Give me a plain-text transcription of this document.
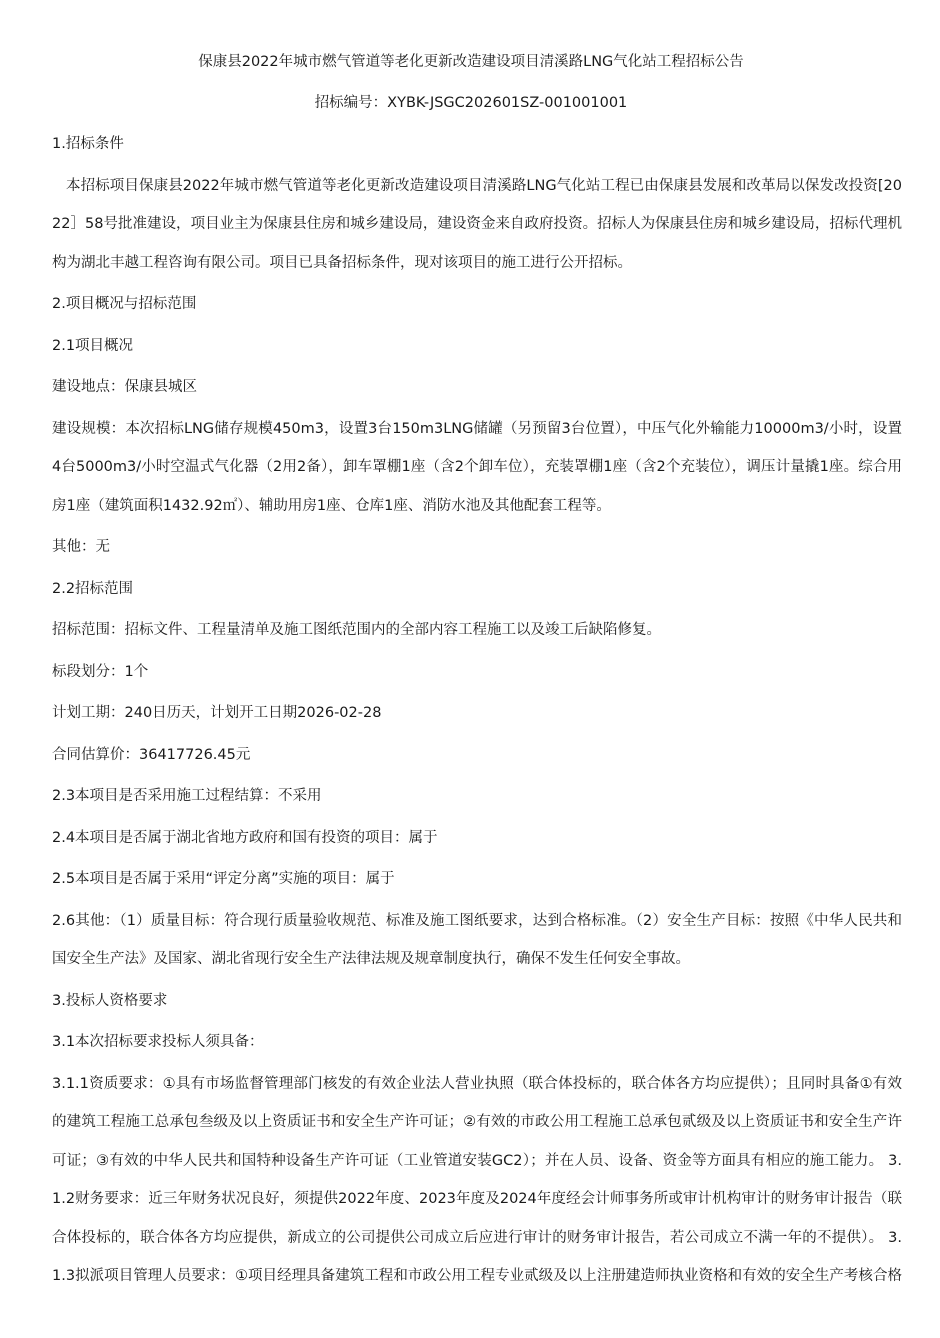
保康县2022年城市燃气管道等老化更新改造建设项目清溪路LNG气化站工程招标公告
招标编号：XYBK-JSGC202601SZ-001001001

1.招标条件

本招标项目保康县2022年城市燃气管道等老化更新改造建设项目清溪路LNG气化站工程已由保康县发展和改革局以保发改投资[2022］58号批准建设，项目业主为保康县住房和城乡建设局，建设资金来自政府投资。招标人为保康县住房和城乡建设局，招标代理机构为湖北丰越工程咨询有限公司。项目已具备招标条件，现对该项目的施工进行公开招标。

2.项目概况与招标范围

2.1项目概况

建设地点：保康县城区

建设规模：本次招标LNG储存规模450m3，设置3台150m3LNG储罐（另预留3台位置），中压气化外输能力10000m3/小时，设置4台5000m3/小时空温式气化器（2用2备），卸车罩棚1座（含2个卸车位），充装罩棚1座（含2个充装位），调压计量撬1座。综合用房1座（建筑面积1432.92㎡）、辅助用房1座、仓库1座、消防水池及其他配套工程等。

其他：无

2.2招标范围

招标范围：招标文件、工程量清单及施工图纸范围内的全部内容工程施工以及竣工后缺陷修复。

标段划分：1个

计划工期：240日历天，计划开工日期2026-02-28

合同估算价：36417726.45元

2.3本项目是否采用施工过程结算：不采用

2.4本项目是否属于湖北省地方政府和国有投资的项目：属于

2.5本项目是否属于采用“评定分离”实施的项目：属于

2.6其他：（1）质量目标：符合现行质量验收规范、标准及施工图纸要求，达到合格标准。（2）安全生产目标：按照《中华人民共和国安全生产法》及国家、湖北省现行安全生产法律法规及规章制度执行，确保不发生任何安全事故。

3.投标人资格要求

3.1本次招标要求投标人须具备：

3.1.1资质要求：①具有市场监督管理部门核发的有效企业法人营业执照（联合体投标的，联合体各方均应提供）；且同时具备①有效的建筑工程施工总承包叁级及以上资质证书和安全生产许可证；②有效的市政公用工程施工总承包贰级及以上资质证书和安全生产许可证；③有效的中华人民共和国特种设备生产许可证（工业管道安装GC2）；并在人员、设备、资金等方面具有相应的施工能力。 3.1.2财务要求：近三年财务状况良好，须提供2022年度、2023年度及2024年度经会计师事务所或审计机构审计的财务审计报告（联合体投标的，联合体各方均应提供，新成立的公司提供公司成立后应进行审计的财务审计报告，若公司成立不满一年的不提供）。 3.1.3拟派项目管理人员要求：①项目经理具备建筑工程和市政公用工程专业贰级及以上注册建造师执业资格和有效的安全生产考核合格
